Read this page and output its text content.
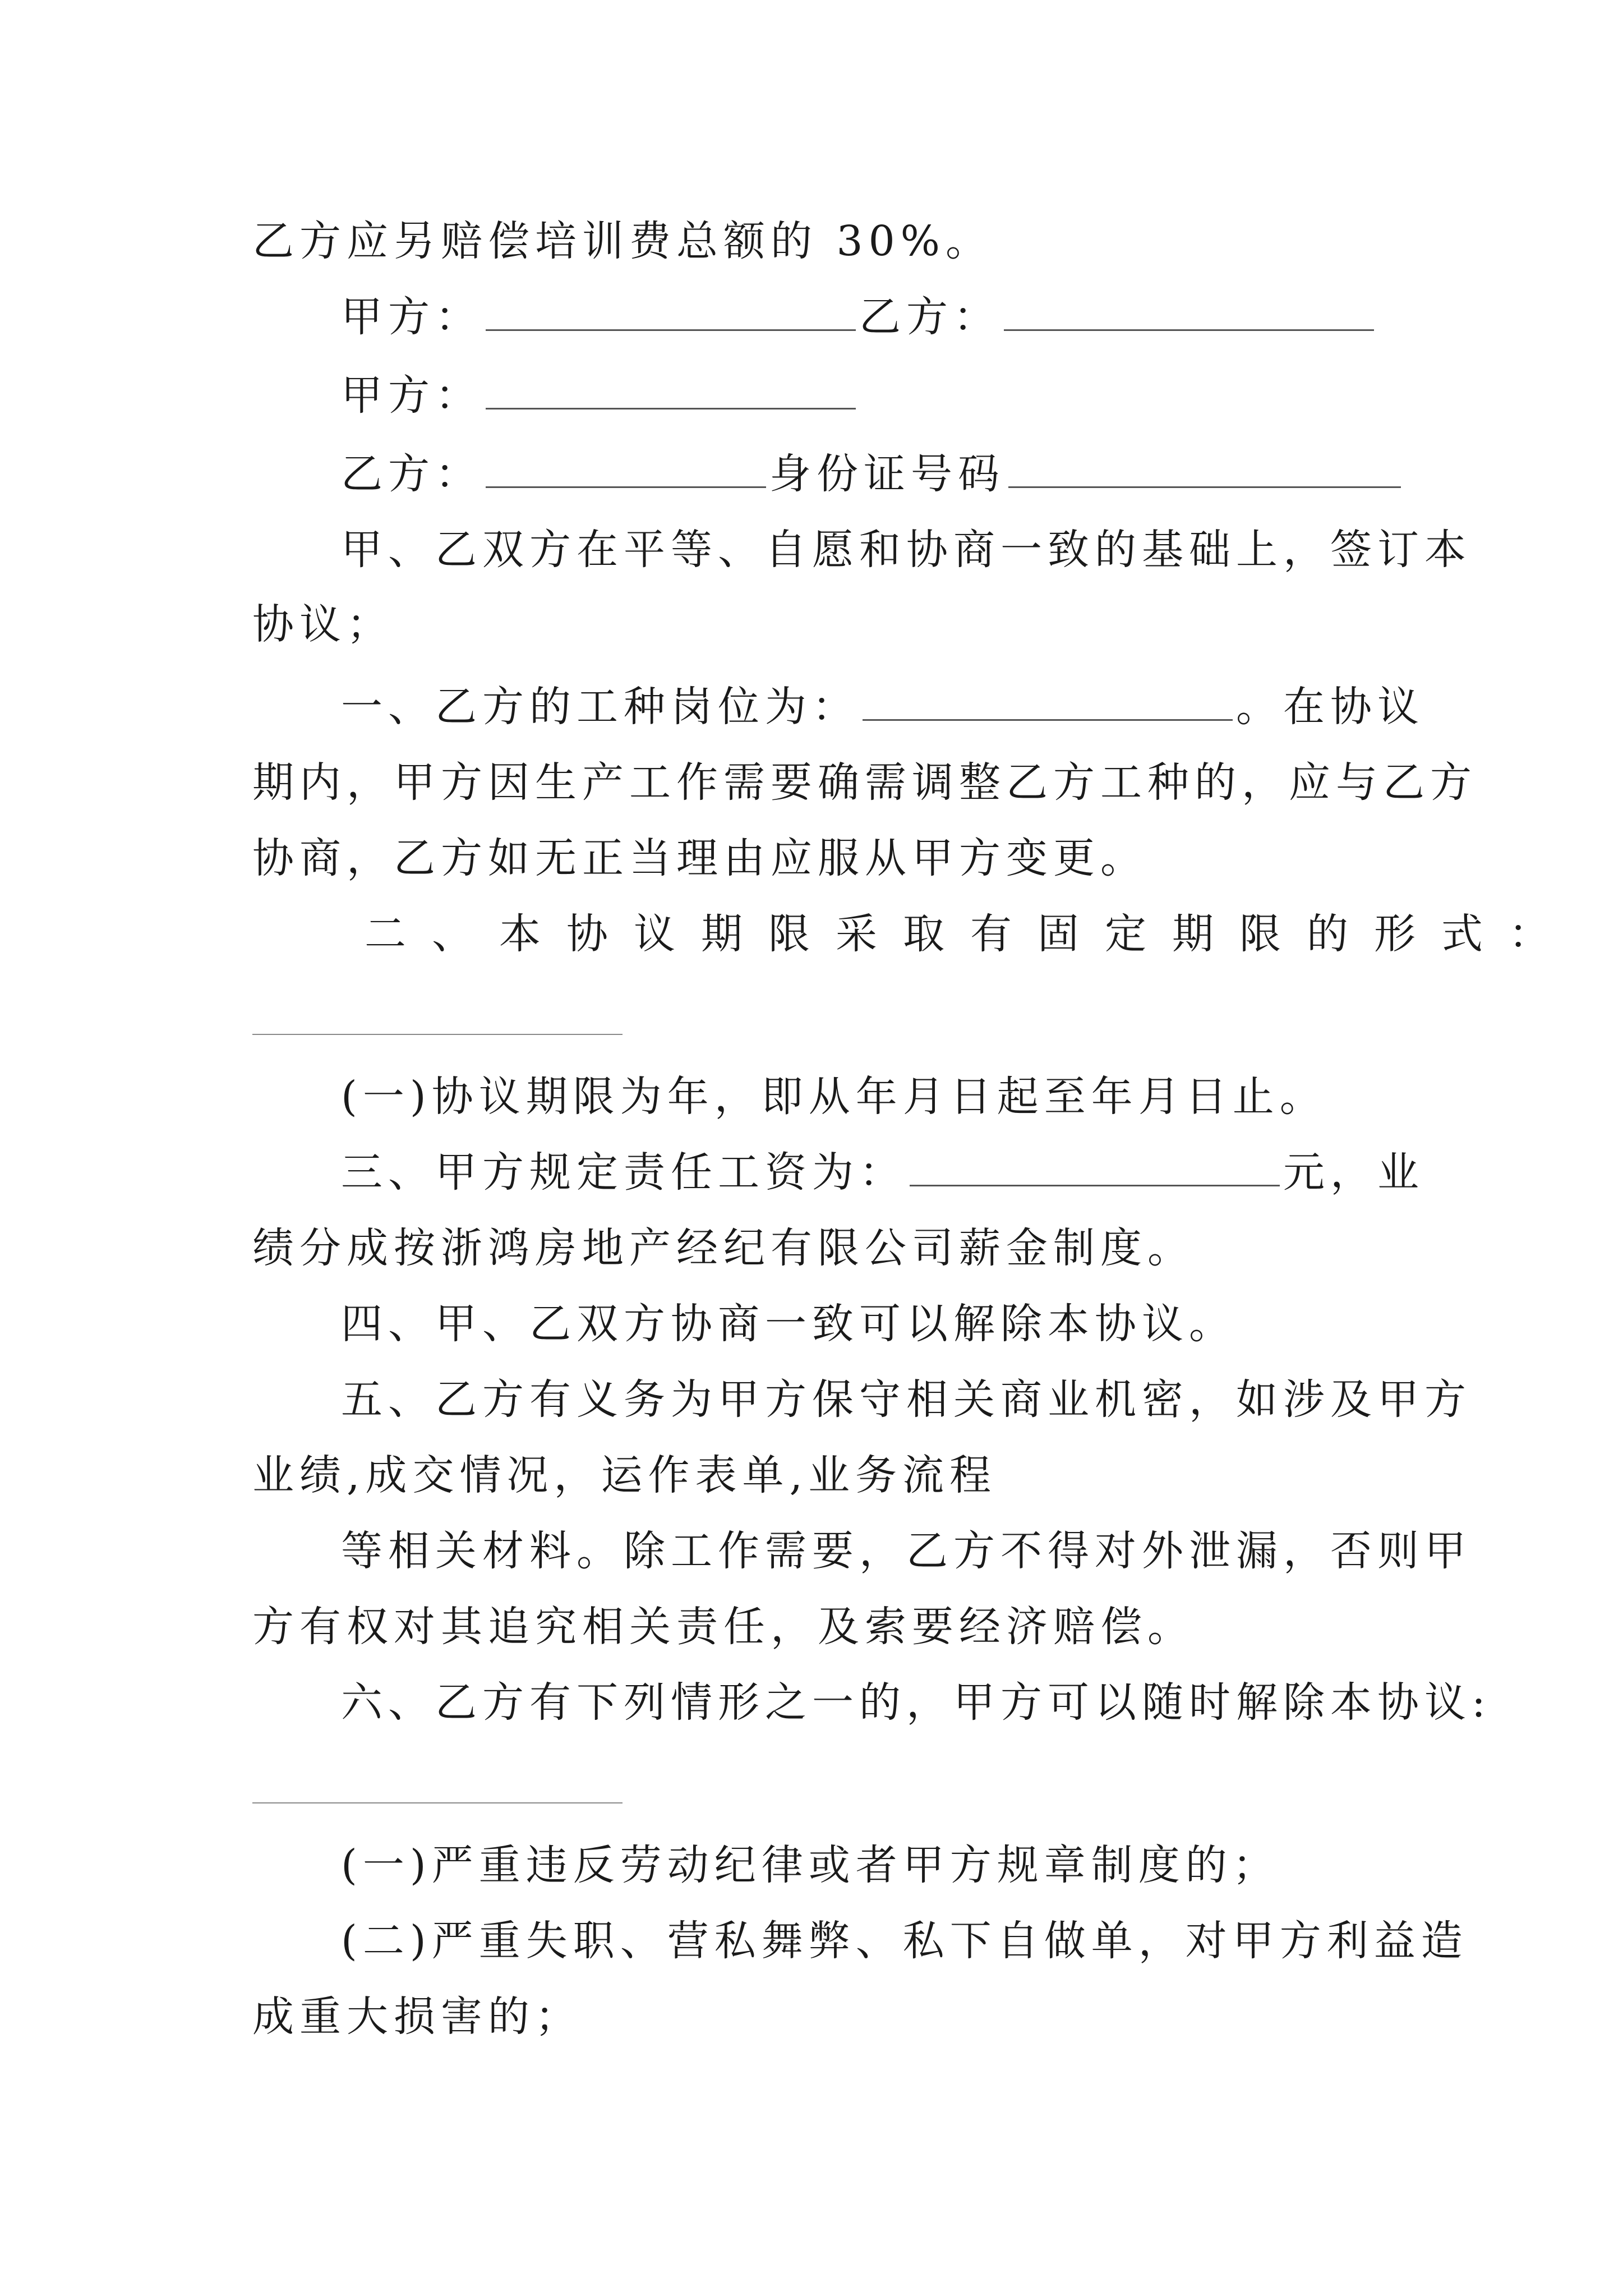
乙方应另赔偿培训费总额的 30%。
甲方：	乙方：
甲方：
乙方：	身份证号码
甲、乙双方在平等、自愿和协商一致的基础上，签订本
协议；
一、乙方的工种岗位为：	。在协议
期内，甲方因生产工作需要确需调整乙方工种的，应与乙方
协商，乙方如无正当理由应服从甲方变更。
二、本协议期限采取有固定期限的形式：
(一)协议期限为年，即从年月日起至年月日止。
三、甲方规定责任工资为：	元，业
绩分成按浙鸿房地产经纪有限公司薪金制度。
四、甲、乙双方协商一致可以解除本协议。
五、乙方有义务为甲方保守相关商业机密，如涉及甲方
业绩,成交情况，运作表单,业务流程
等相关材料。除工作需要，乙方不得对外泄漏，否则甲
方有权对其追究相关责任，及索要经济赔偿。
六、乙方有下列情形之一的，甲方可以随时解除本协议:
(一)严重违反劳动纪律或者甲方规章制度的；
(二)严重失职、营私舞弊、私下自做单，对甲方利益造
成重大损害的；
